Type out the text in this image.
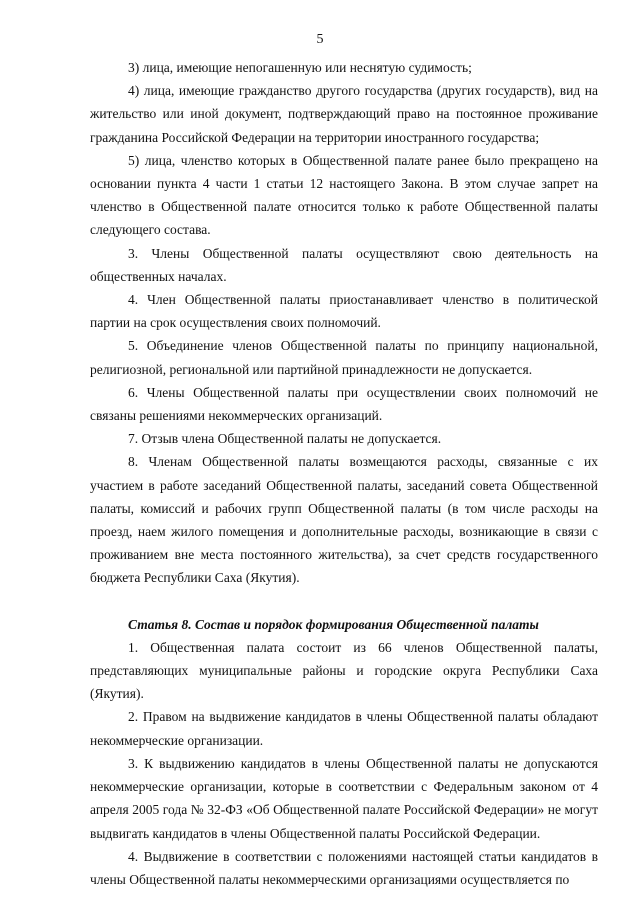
5

3) лица, имеющие непогашенную или неснятую судимость;

4) лица, имеющие гражданство другого государства (других государств), вид на жительство или иной документ, подтверждающий право на постоянное проживание гражданина Российской Федерации на территории иностранного государства;

5) лица, членство которых в Общественной палате ранее было прекращено на основании пункта 4 части 1 статьи 12 настоящего Закона. В этом случае запрет на членство в Общественной палате относится только к работе Общественной палаты следующего состава.

3. Члены Общественной палаты осуществляют свою деятельность на общественных началах.

4. Член Общественной палаты приостанавливает членство в политической партии на срок осуществления своих полномочий.

5. Объединение членов Общественной палаты по принципу национальной, религиозной, региональной или партийной принадлежности не допускается.

6. Члены Общественной палаты при осуществлении своих полномочий не связаны решениями некоммерческих организаций.

7. Отзыв члена Общественной палаты не допускается.

8. Членам Общественной палаты возмещаются расходы, связанные с их участием в работе заседаний Общественной палаты, заседаний совета Общественной палаты, комиссий и рабочих групп Общественной палаты (в том числе расходы на проезд, наем жилого помещения и дополнительные расходы, возникающие в связи с проживанием вне места постоянного жительства), за счет средств государственного бюджета Республики Саха (Якутия).

Статья 8. Состав и порядок формирования Общественной палаты

1. Общественная палата состоит из 66 членов Общественной палаты, представляющих муниципальные районы и городские округа Республики Саха (Якутия).

2. Правом на выдвижение кандидатов в члены Общественной палаты обладают некоммерческие организации.

3. К выдвижению кандидатов в члены Общественной палаты не допускаются некоммерческие организации, которые в соответствии с Федеральным законом от 4 апреля 2005 года № 32-ФЗ «Об Общественной палате Российской Федерации» не могут выдвигать кандидатов в члены Общественной палаты Российской Федерации.

4. Выдвижение в соответствии с положениями настоящей статьи кандидатов в члены Общественной палаты некоммерческими организациями осуществляется по
